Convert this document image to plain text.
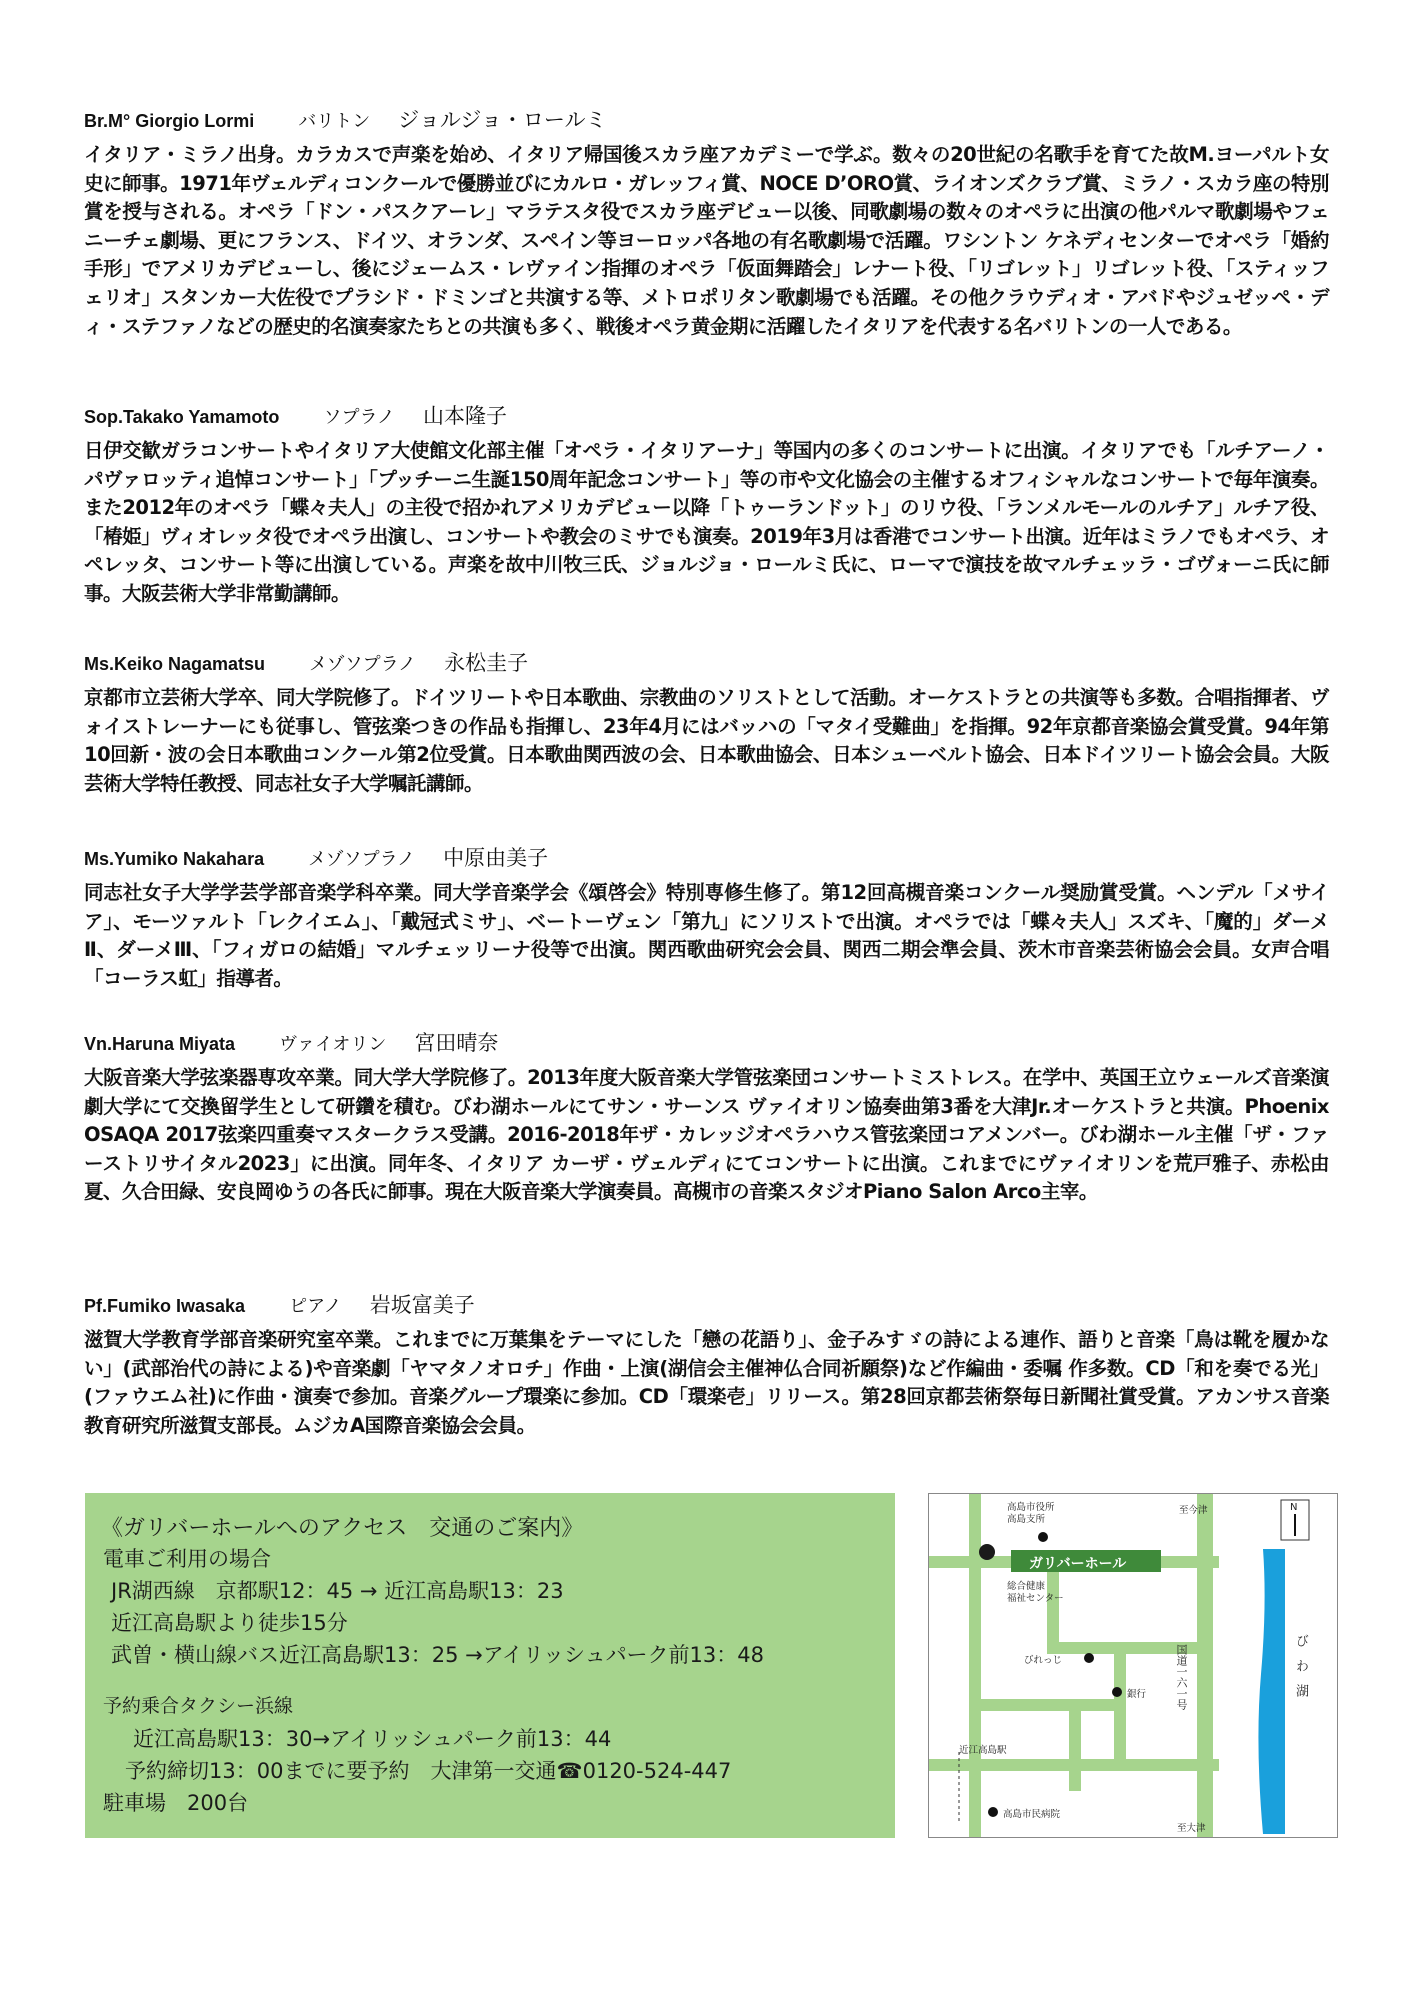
Br.M° Giorgio Lormi バリトン ジョルジョ・ロールミ
イタリア・ミラノ出身。カラカスで声楽を始め、イタリア帰国後スカラ座アカデミーで学ぶ。数々の20世紀の名歌手を育てた故M.ヨーパルト女史に師事。1971年ヴェルディコンクールで優勝並びにカルロ・ガレッフィ賞、NOCE D’ORO賞、ライオンズクラブ賞、ミラノ・スカラ座の特別賞を授与される。オペラ「ドン・パスクアーレ」マラテスタ役でスカラ座デビュー以後、同歌劇場の数々のオペラに出演の他パルマ歌劇場やフェニーチェ劇場、更にフランス、ドイツ、オランダ、スペイン等ヨーロッパ各地の有名歌劇場で活躍。ワシントン ケネディセンターでオペラ「婚約手形」でアメリカデビューし、後にジェームス・レヴァイン指揮のオペラ「仮面舞踏会」レナート役、「リゴレット」リゴレット役、「スティッフェリオ」スタンカー大佐役でプラシド・ドミンゴと共演する等、メトロポリタン歌劇場でも活躍。その他クラウディオ・アバドやジュゼッペ・ディ・ステファノなどの歴史的名演奏家たちとの共演も多く、戦後オペラ黄金期に活躍したイタリアを代表する名バリトンの一人である。
Sop.Takako Yamamoto ソプラノ 山本隆子
日伊交歓ガラコンサートやイタリア大使館文化部主催「オペラ・イタリアーナ」等国内の多くのコンサートに出演。イタリアでも「ルチアーノ・パヴァロッティ追悼コンサート」「プッチーニ生誕150周年記念コンサート」等の市や文化協会の主催するオフィシャルなコンサートで毎年演奏。また2012年のオペラ「蝶々夫人」の主役で招かれアメリカデビュー以降「トゥーランドット」のリウ役、「ランメルモールのルチア」ルチア役、「椿姫」ヴィオレッタ役でオペラ出演し、コンサートや教会のミサでも演奏。2019年3月は香港でコンサート出演。近年はミラノでもオペラ、オペレッタ、コンサート等に出演している。声楽を故中川牧三氏、ジョルジョ・ロールミ氏に、ローマで演技を故マルチェッラ・ゴヴォーニ氏に師事。大阪芸術大学非常勤講師。
Ms.Keiko Nagamatsu メゾソプラノ 永松圭子
京都市立芸術大学卒、同大学院修了。ドイツリートや日本歌曲、宗教曲のソリストとして活動。オーケストラとの共演等も多数。合唱指揮者、ヴォイストレーナーにも従事し、管弦楽つきの作品も指揮し、23年4月にはバッハの「マタイ受難曲」を指揮。92年京都音楽協会賞受賞。94年第10回新・波の会日本歌曲コンクール第2位受賞。日本歌曲関西波の会、日本歌曲協会、日本シューベルト協会、日本ドイツリート協会会員。大阪芸術大学特任教授、同志社女子大学嘱託講師。
Ms.Yumiko Nakahara メゾソプラノ 中原由美子
同志社女子大学学芸学部音楽学科卒業。同大学音楽学会《頌啓会》特別専修生修了。第12回高槻音楽コンクール奨励賞受賞。ヘンデル「メサイア」、モーツァルト「レクイエム」、「戴冠式ミサ」、ベートーヴェン「第九」にソリストで出演。オペラでは「蝶々夫人」スズキ、「魔的」ダーメⅡ、ダーメⅢ、「フィガロの結婚」マルチェッリーナ役等で出演。関西歌曲研究会会員、関西二期会準会員、茨木市音楽芸術協会会員。女声合唱「コーラス虹」指導者。
Vn.Haruna Miyata ヴァイオリン 宮田晴奈
大阪音楽大学弦楽器専攻卒業。同大学大学院修了。2013年度大阪音楽大学管弦楽団コンサートミストレス。在学中、英国王立ウェールズ音楽演劇大学にて交換留学生として研鑽を積む。びわ湖ホールにてサン・サーンス ヴァイオリン協奏曲第3番を大津Jr.オーケストラと共演。Phoenix OSAQA 2017弦楽四重奏マスタークラス受講。2016-2018年ザ・カレッジオペラハウス管弦楽団コアメンバー。びわ湖ホール主催「ザ・ファーストリサイタル2023」に出演。同年冬、イタリア カーザ・ヴェルディにてコンサートに出演。これまでにヴァイオリンを荒戸雅子、赤松由夏、久合田緑、安良岡ゆうの各氏に師事。現在大阪音楽大学演奏員。高槻市の音楽スタジオPiano Salon Arco主宰。
Pf.Fumiko Iwasaka ピアノ 岩坂富美子
滋賀大学教育学部音楽研究室卒業。これまでに万葉集をテーマにした「戀の花語り」、金子みすゞの詩による連作、語りと音楽「鳥は靴を履かない」(武部治代の詩による)や音楽劇「ヤマタノオロチ」作曲・上演(湖信会主催神仏合同祈願祭)など作編曲・委嘱 作多数。CD「和を奏でる光」(ファウエム社)に作曲・演奏で参加。音楽グループ環楽に参加。CD「環楽壱」リリース。第28回京都芸術祭毎日新聞社賞受賞。アカンサス音楽教育研究所滋賀支部長。ムジカA国際音楽協会会員。
《ガリバーホールへのアクセス　交通のご案内》
電車ご利用の場合
JR湖西線　京都駅12：45 → 近江高島駅13：23
近江高島駅より徒歩15分
武曽・横山線バス近江高島駅13：25 →アイリッシュパーク前13：48
予約乗合タクシー浜線
近江高島駅13：30→アイリッシュパーク前13：44
予約締切13：00までに要予約　大津第一交通☎0120-524-447
駐車場　200台
高島市役所
高島支所
至今津	N
ガリバーホール
総合健康
福祉センター
びれっじ
銀行	国道一六一号	びわ湖
近江高島駅
高島市民病院
至大津
